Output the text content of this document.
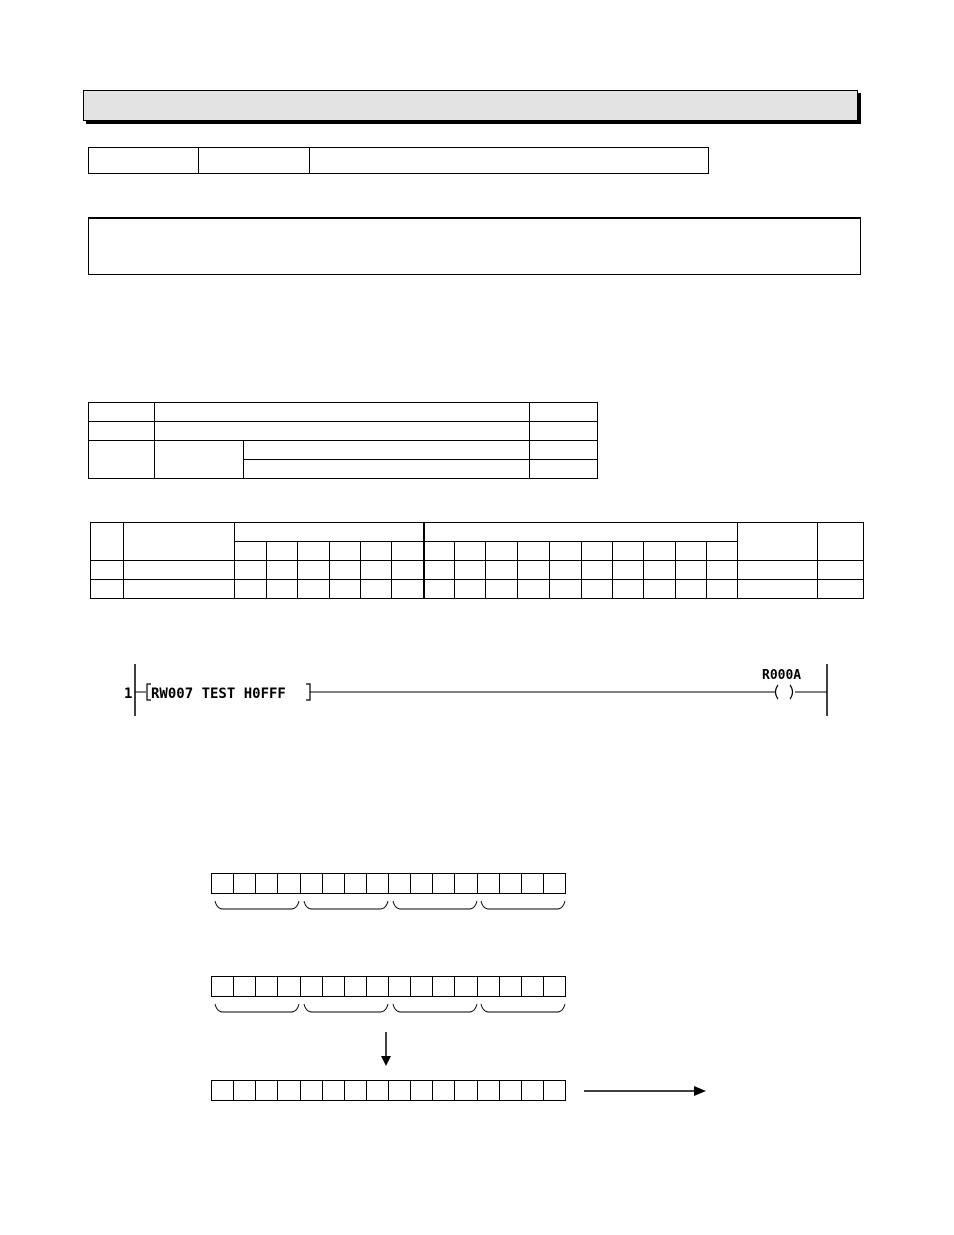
1 RW007 TEST H0FFF
R000A
